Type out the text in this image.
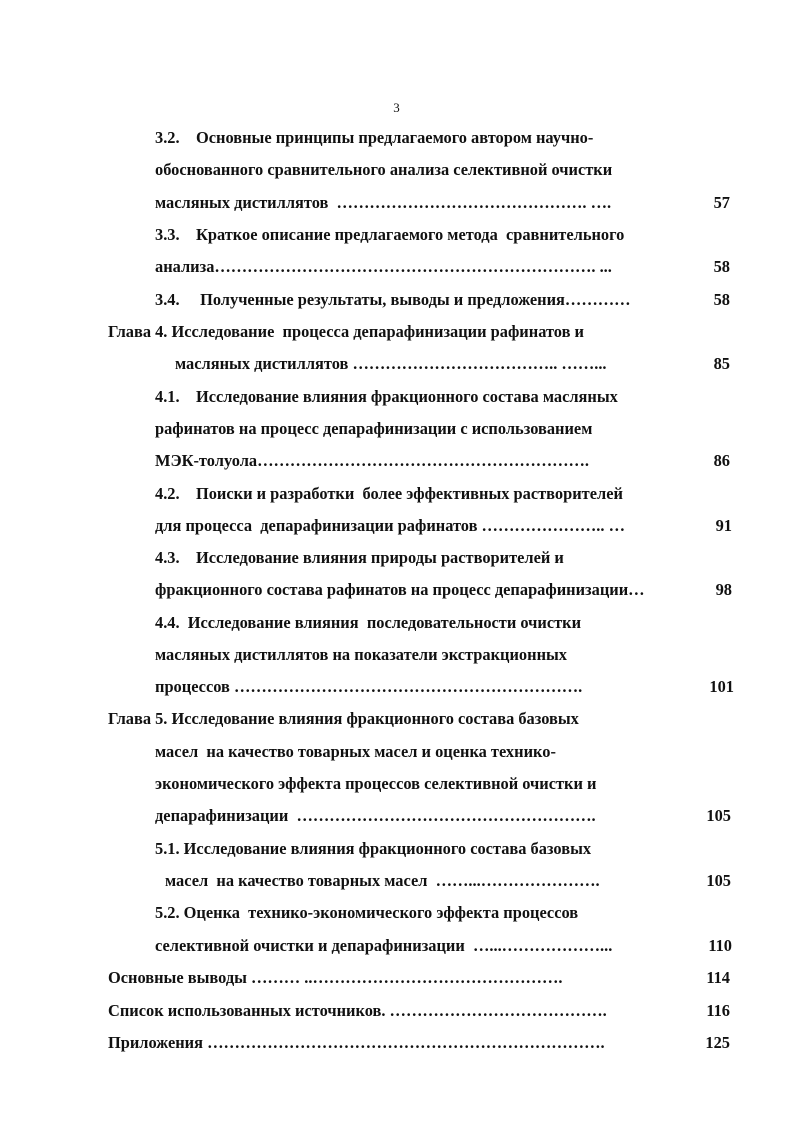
3
3.2.    Основные принципы предлагаемого автором научно-
обоснованного сравнительного анализа селективной очистки
масляных дистиллятов  ………………………………………. ….	57
3.3.    Краткое описание предлагаемого метода  сравнительного
анализа……………………………………………………………. ...	58
3.4.     Полученные результаты, выводы и предложения…………	58
Глава 4. Исследование  процесса депарафинизации рафинатов и
масляных дистиллятов ……………………………….. ……...	85
4.1.    Исследование влияния фракционного состава масляных
рафинатов на процесс депарафинизации с использованием
МЭК-толуола…………………………………………………….	86
4.2.    Поиски и разработки  более эффективных растворителей
для процесса  депарафинизации рафинатов ………………….. …	91
4.3.    Исследование влияния природы растворителей и
фракционного состава рафинатов на процесс депарафинизации…	98
4.4.  Исследование влияния  последовательности очистки
масляных дистиллятов на показатели экстракционных
процессов ……………………………………………………….	101
Глава 5. Исследование влияния фракционного состава базовых
масел  на качество товарных масел и оценка технико-
экономического эффекта процессов селективной очистки и
депарафинизации  ……………………………………………….	105
5.1. Исследование влияния фракционного состава базовых
масел  на качество товарных масел  ……...………………….	105
5.2. Оценка  технико-экономического эффекта процессов
селективной очистки и депарафинизации  …...………………...	110
Основные выводы ……… ..……………………………………….	114
Список использованных источников. ………………………………….	116
Приложения ……………………………………………………………….	125
